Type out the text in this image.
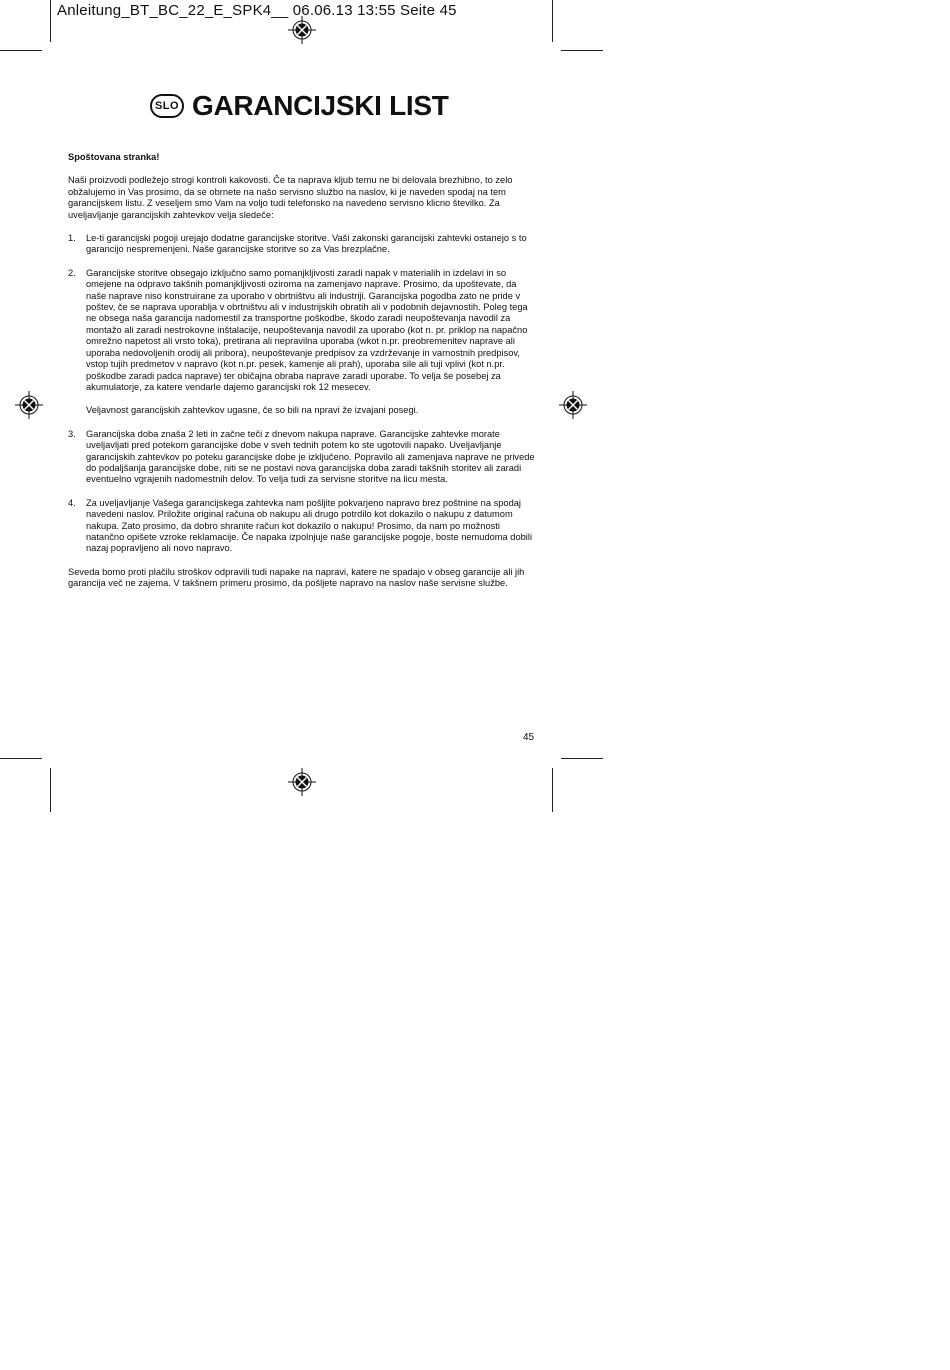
Anleitung_BT_BC_22_E_SPK4__ 06.06.13 13:55 Seite 45
SLO GARANCIJSKI LIST

Spoštovana stranka!

Naši proizvodi podležejo strogi kontroli kakovosti. Če ta naprava kljub temu ne bi delovala brezhibno, to zelo obžalujemo in Vas prosimo, da se obrnete na našo servisno službo na naslov, ki je naveden spodaj na tem garancijskem listu. Z veseljem smo Vam na voljo tudi telefonsko na navedeno servisno klicno številko. Za uveljavljanje garancijskih zahtevkov velja sledeče:

1.	Le-ti garancijski pogoji urejajo dodatne garancijske storitve. Vaši zakonski garancijski zahtevki ostanejo s to garancijo nespremenjeni. Naše garancijske storitve so za Vas brezplačne.

2.	Garancijske storitve obsegajo izključno samo pomanjkljivosti zaradi napak v materialih in izdelavi in so omejene na odpravo takšnih pomanjkljivosti oziroma na zamenjavo naprave. Prosimo, da upoštevate, da naše naprave niso konstruirane za uporabo v obrtništvu ali industriji. Garancijska pogodba zato ne pride v poštev, če se naprava uporablja v obrtništvu ali v industrijskih obratih ali v podobnih dejavnostih. Poleg tega ne obsega naša garancija nadomestil za transportne poškodbe, škodo zaradi neupoštevanja navodil za montažo ali zaradi nestrokovne inštalacije, neupoštevanja navodil za uporabo (kot n. pr. priklop na napačno omrežno napetost ali vrsto toka), pretirana ali nepravilna uporaba (wkot n.pr. preobremenitev naprave ali uporaba nedovoljenih orodij ali pribora), neupoštevanje predpisov za vzdrževanje in varnostnih predpisov, vstop tujih predmetov v napravo (kot n.pr. pesek, kamenje ali prah), uporaba sile ali tuji vplivi (kot n.pr. poškodbe zaradi padca naprave) ter običajna obraba naprave zaradi uporabe. To velja še posebej za akumulatorje, za katere vendarle dajemo garancijski rok 12 mesecev.

Veljavnost garancijskih zahtevkov ugasne, če so bili na npravi že izvajani posegi.

3.	Garancijska doba znaša 2 leti in začne teči z dnevom nakupa naprave. Garancijske zahtevke morate uveljavljati pred potekom garancijske dobe v sveh tednih potem ko ste ugotovili napako. Uveljavljanje garancijskih zahtevkov po poteku garancijske dobe je izključeno. Popravilo ali zamenjava naprave ne privede do podaljšanja garancijske dobe, niti se ne postavi nova garancijska doba zaradi takšnih storitev ali zaradi eventuelno vgrajenih nadomestnih delov. To velja tudi za servisne storitve na licu mesta.

4.	Za uveljavljanje Vašega garancijskega zahtevka nam pošljite pokvarjeno napravo brez poštnine na spodaj navedeni naslov. Priložite original računa ob nakupu ali drugo potrdilo kot dokazilo o nakupu z datumom nakupa. Zato prosimo, da dobro shranite račun kot dokazilo o nakupu! Prosimo, da nam po možnosti natančno opišete vzroke reklamacije. Če napaka izpolnjuje naše garancijske pogoje, boste nemudoma dobili nazaj popravljeno ali novo napravo.

Seveda bomo proti plačilu stroškov odpravili tudi napake na napravi, katere ne spadajo v obseg garancije ali jih garancija več ne zajema. V takšnem primeru prosimo, da pošljete napravo na naslov naše servisne službe.

45
